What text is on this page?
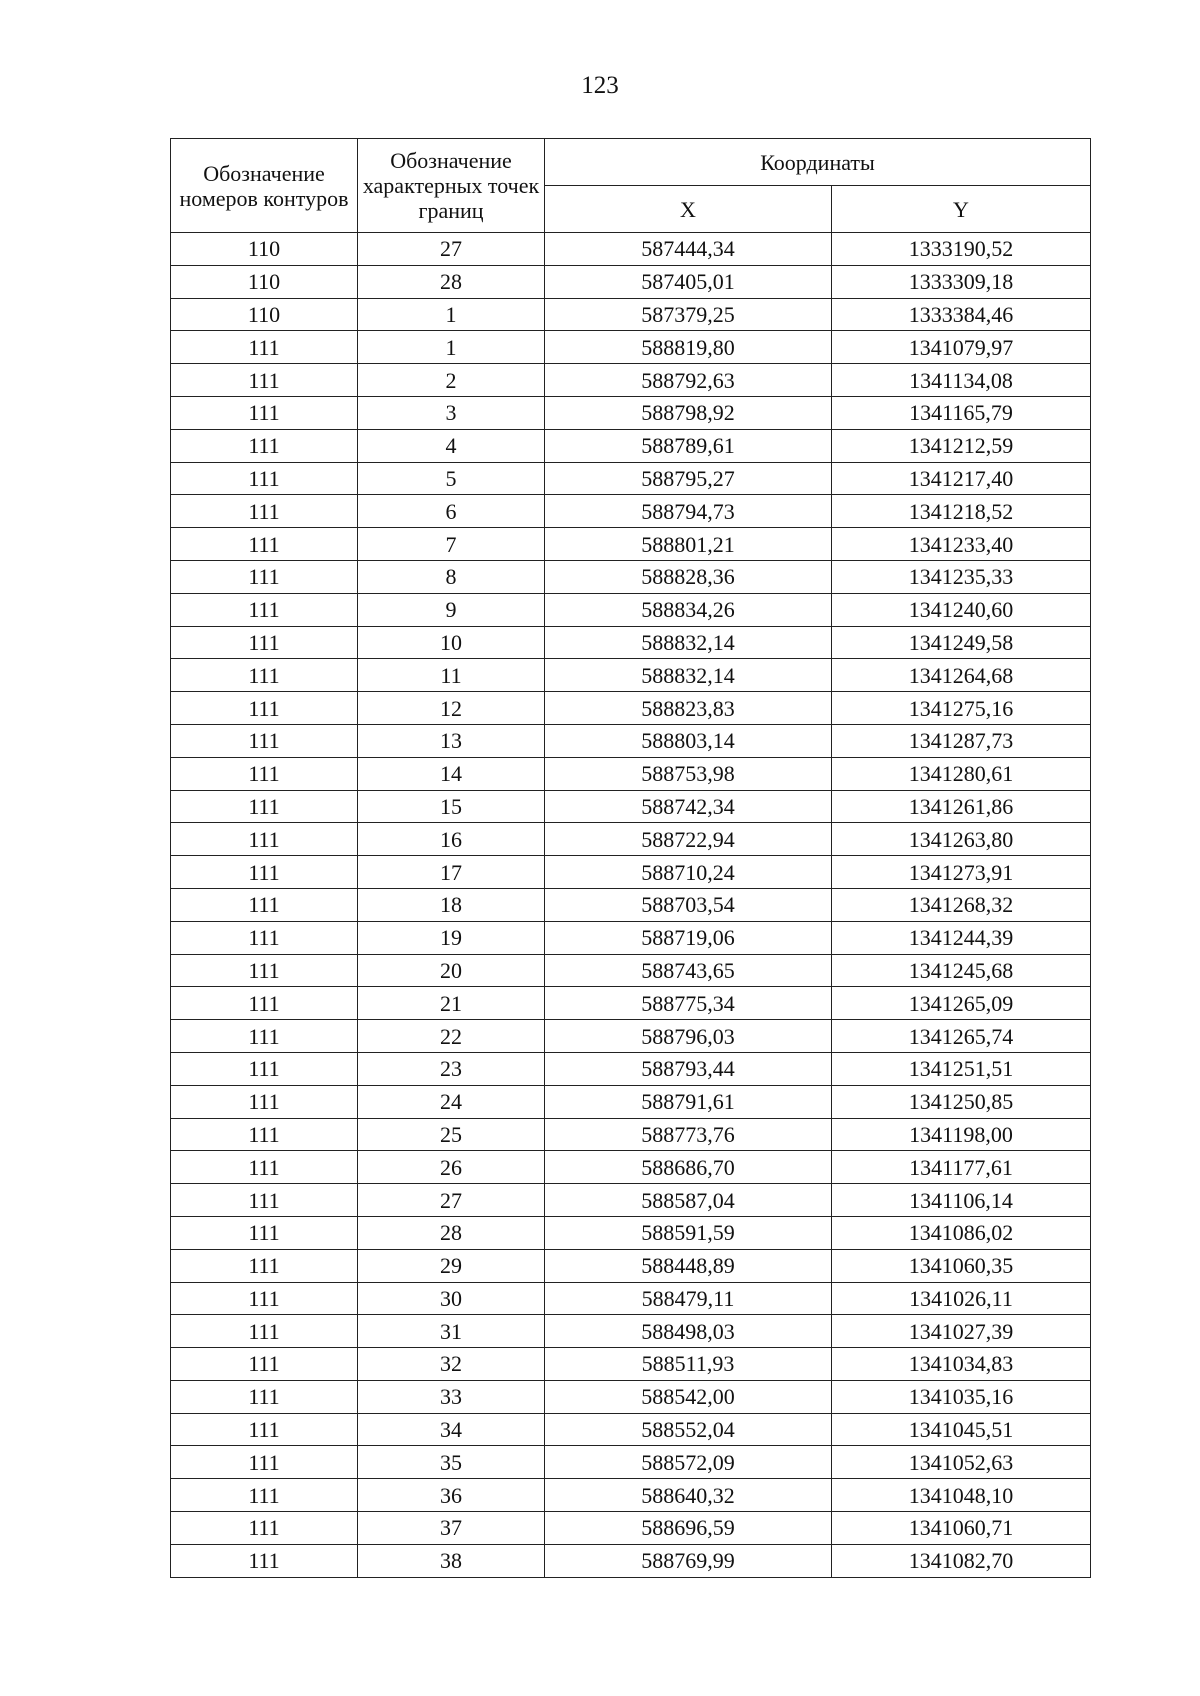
123
Обозначение номеров контуров	Обозначение характерных точек границ	Координаты	
		X	Y
110	27	587444,34	1333190,52
110	28	587405,01	1333309,18
110	1	587379,25	1333384,46
111	1	588819,80	1341079,97
111	2	588792,63	1341134,08
111	3	588798,92	1341165,79
111	4	588789,61	1341212,59
111	5	588795,27	1341217,40
111	6	588794,73	1341218,52
111	7	588801,21	1341233,40
111	8	588828,36	1341235,33
111	9	588834,26	1341240,60
111	10	588832,14	1341249,58
111	11	588832,14	1341264,68
111	12	588823,83	1341275,16
111	13	588803,14	1341287,73
111	14	588753,98	1341280,61
111	15	588742,34	1341261,86
111	16	588722,94	1341263,80
111	17	588710,24	1341273,91
111	18	588703,54	1341268,32
111	19	588719,06	1341244,39
111	20	588743,65	1341245,68
111	21	588775,34	1341265,09
111	22	588796,03	1341265,74
111	23	588793,44	1341251,51
111	24	588791,61	1341250,85
111	25	588773,76	1341198,00
111	26	588686,70	1341177,61
111	27	588587,04	1341106,14
111	28	588591,59	1341086,02
111	29	588448,89	1341060,35
111	30	588479,11	1341026,11
111	31	588498,03	1341027,39
111	32	588511,93	1341034,83
111	33	588542,00	1341035,16
111	34	588552,04	1341045,51
111	35	588572,09	1341052,63
111	36	588640,32	1341048,10
111	37	588696,59	1341060,71
111	38	588769,99	1341082,70
